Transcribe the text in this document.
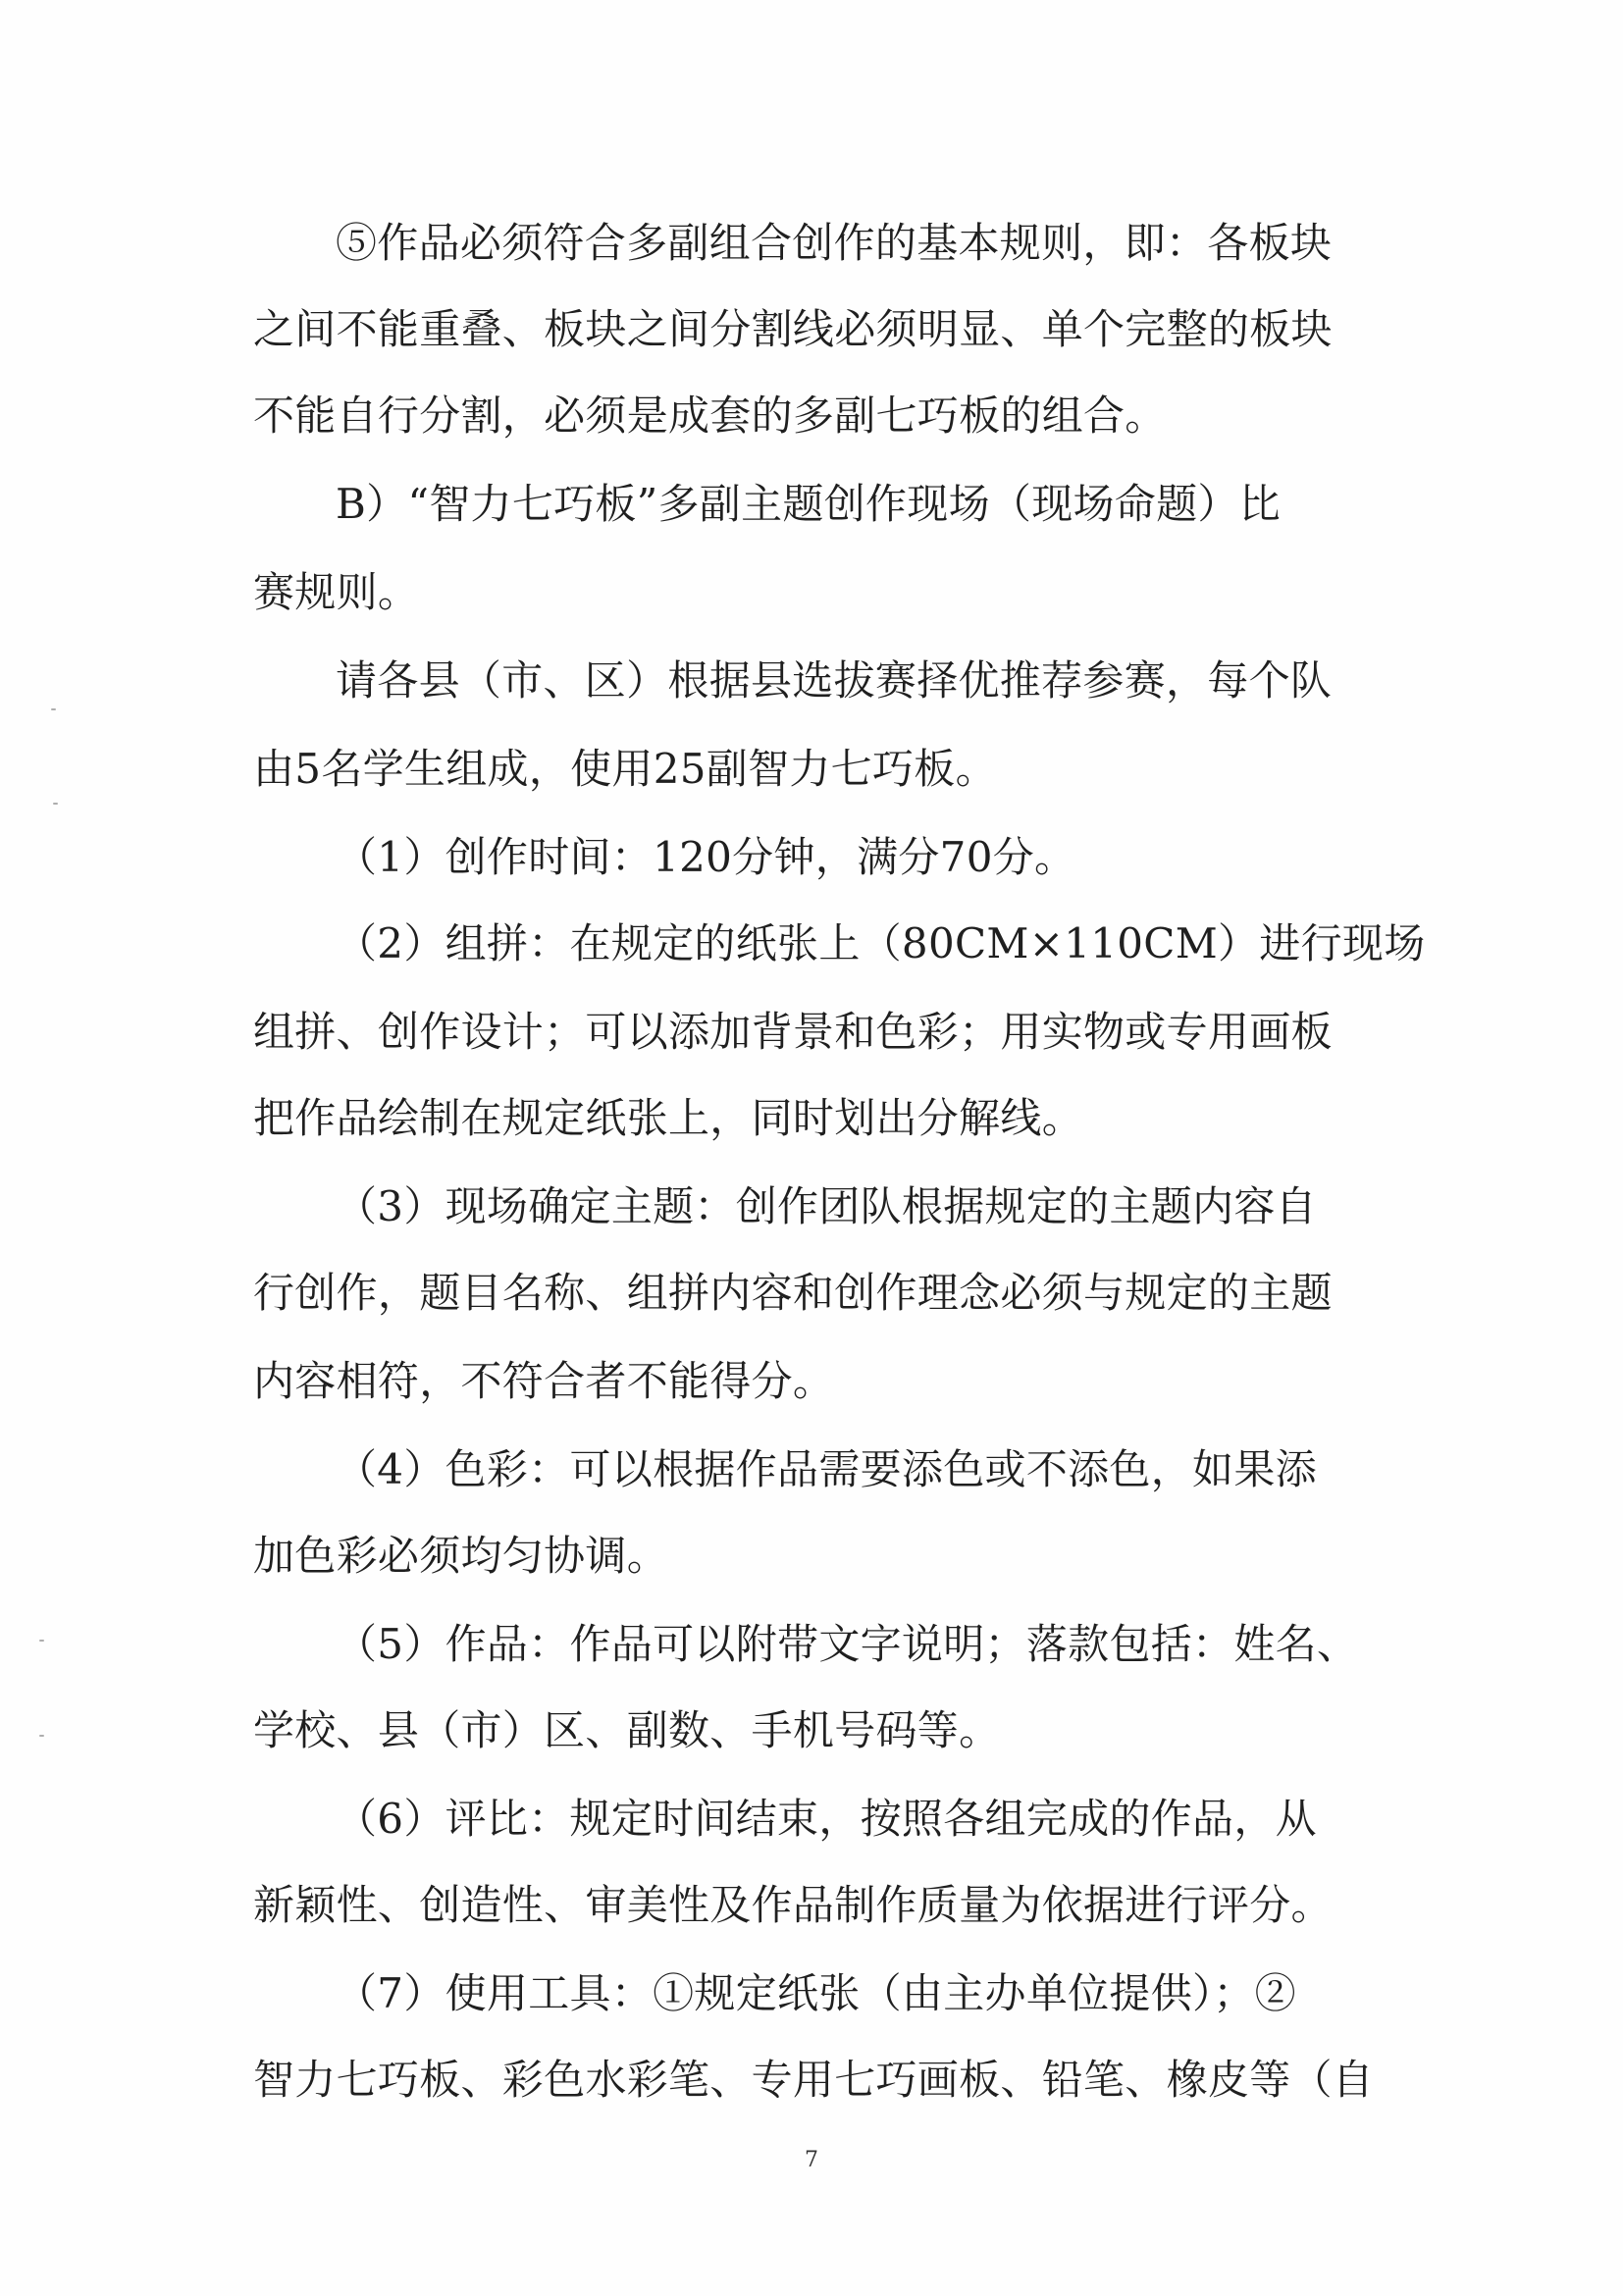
⑤作品必须符合多副组合创作的基本规则，即：各板块
之间不能重叠、板块之间分割线必须明显、单个完整的板块
不能自行分割，必须是成套的多副七巧板的组合。
B）“智力七巧板”多副主题创作现场（现场命题）比
赛规则。
请各县（市、区）根据县选拔赛择优推荐参赛，每个队
由5名学生组成，使用25副智力七巧板。
（1）创作时间：120分钟，满分70分。
（2）组拼：在规定的纸张上（80CM×110CM）进行现场
组拼、创作设计；可以添加背景和色彩；用实物或专用画板
把作品绘制在规定纸张上，同时划出分解线。
（3）现场确定主题：创作团队根据规定的主题内容自
行创作，题目名称、组拼内容和创作理念必须与规定的主题
内容相符，不符合者不能得分。
（4）色彩：可以根据作品需要添色或不添色，如果添
加色彩必须均匀协调。
（5）作品：作品可以附带文字说明；落款包括：姓名、
学校、县（市）区、副数、手机号码等。
（6）评比：规定时间结束，按照各组完成的作品，从
新颖性、创造性、审美性及作品制作质量为依据进行评分。
（7）使用工具：①规定纸张（由主办单位提供）；②
智力七巧板、彩色水彩笔、专用七巧画板、铅笔、橡皮等（自
7
